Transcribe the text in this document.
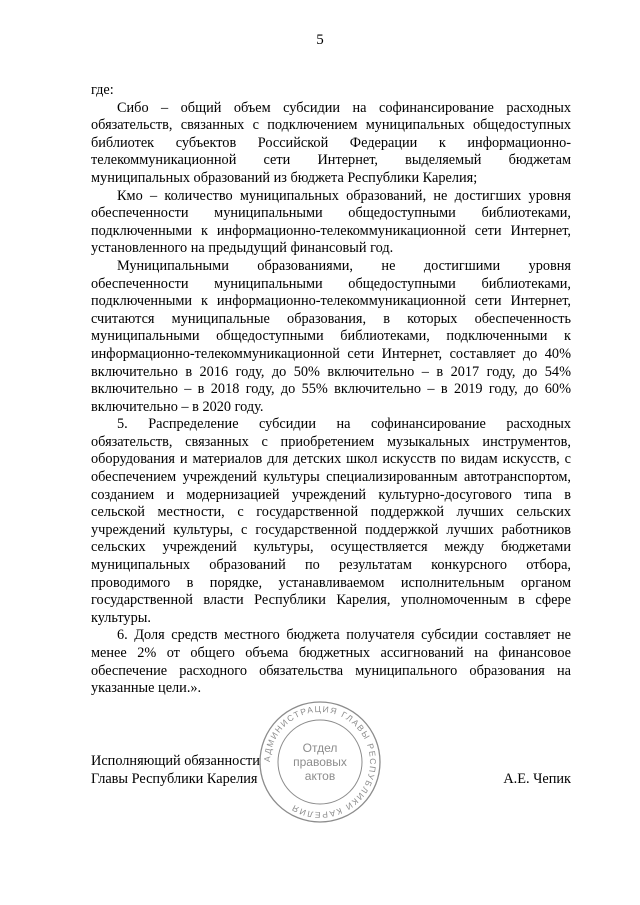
5

где:

Сибо – общий объем субсидии на софинансирование расходных обязательств, связанных с подключением муниципальных общедоступных библиотек субъектов Российской Федерации к информационно-телекоммуникационной сети Интернет, выделяемый бюджетам муниципальных образований из бюджета Республики Карелия;

Кмо – количество муниципальных образований, не достигших уровня обеспеченности муниципальными общедоступными библиотеками, подключенными к информационно-телекоммуникационной сети Интернет, установленного на предыдущий финансовый год.

Муниципальными образованиями, не достигшими уровня обеспеченности муниципальными общедоступными библиотеками, подключенными к информационно-телекоммуникационной сети Интернет, считаются муниципальные образования, в которых обеспеченность муниципальными общедоступными библиотеками, подключенными к информационно-телекоммуникационной сети Интернет, составляет до 40% включительно в 2016 году, до 50% включительно – в 2017 году, до 54% включительно – в 2018 году, до 55% включительно – в 2019 году, до 60% включительно – в 2020 году.

5. Распределение субсидии на софинансирование расходных обязательств, связанных с приобретением музыкальных инструментов, оборудования и материалов для детских школ искусств по видам искусств, с обеспечением учреждений культуры специализированным автотранспортом, созданием и модернизацией учреждений культурно-досугового типа в сельской местности, с государственной поддержкой лучших сельских учреждений культуры, с государственной поддержкой лучших работников сельских учреждений культуры, осуществляется между бюджетами муниципальных образований по результатам конкурсного отбора, проводимого в порядке, устанавливаемом исполнительным органом государственной власти Республики Карелия, уполномоченным в сфере культуры.

6. Доля средств местного бюджета получателя субсидии составляет не менее 2% от общего объема бюджетных ассигнований на финансовое обеспечение расходного обязательства муниципального образования на указанные цели.».

Исполняющий обязанности
Главы Республики Карелия	А.Е. Чепик
АДМИНИСТРАЦИЯ ГЛАВЫ РЕСПУБЛИКИ КАРЕЛИЯ
Отдел
правовых
актов
